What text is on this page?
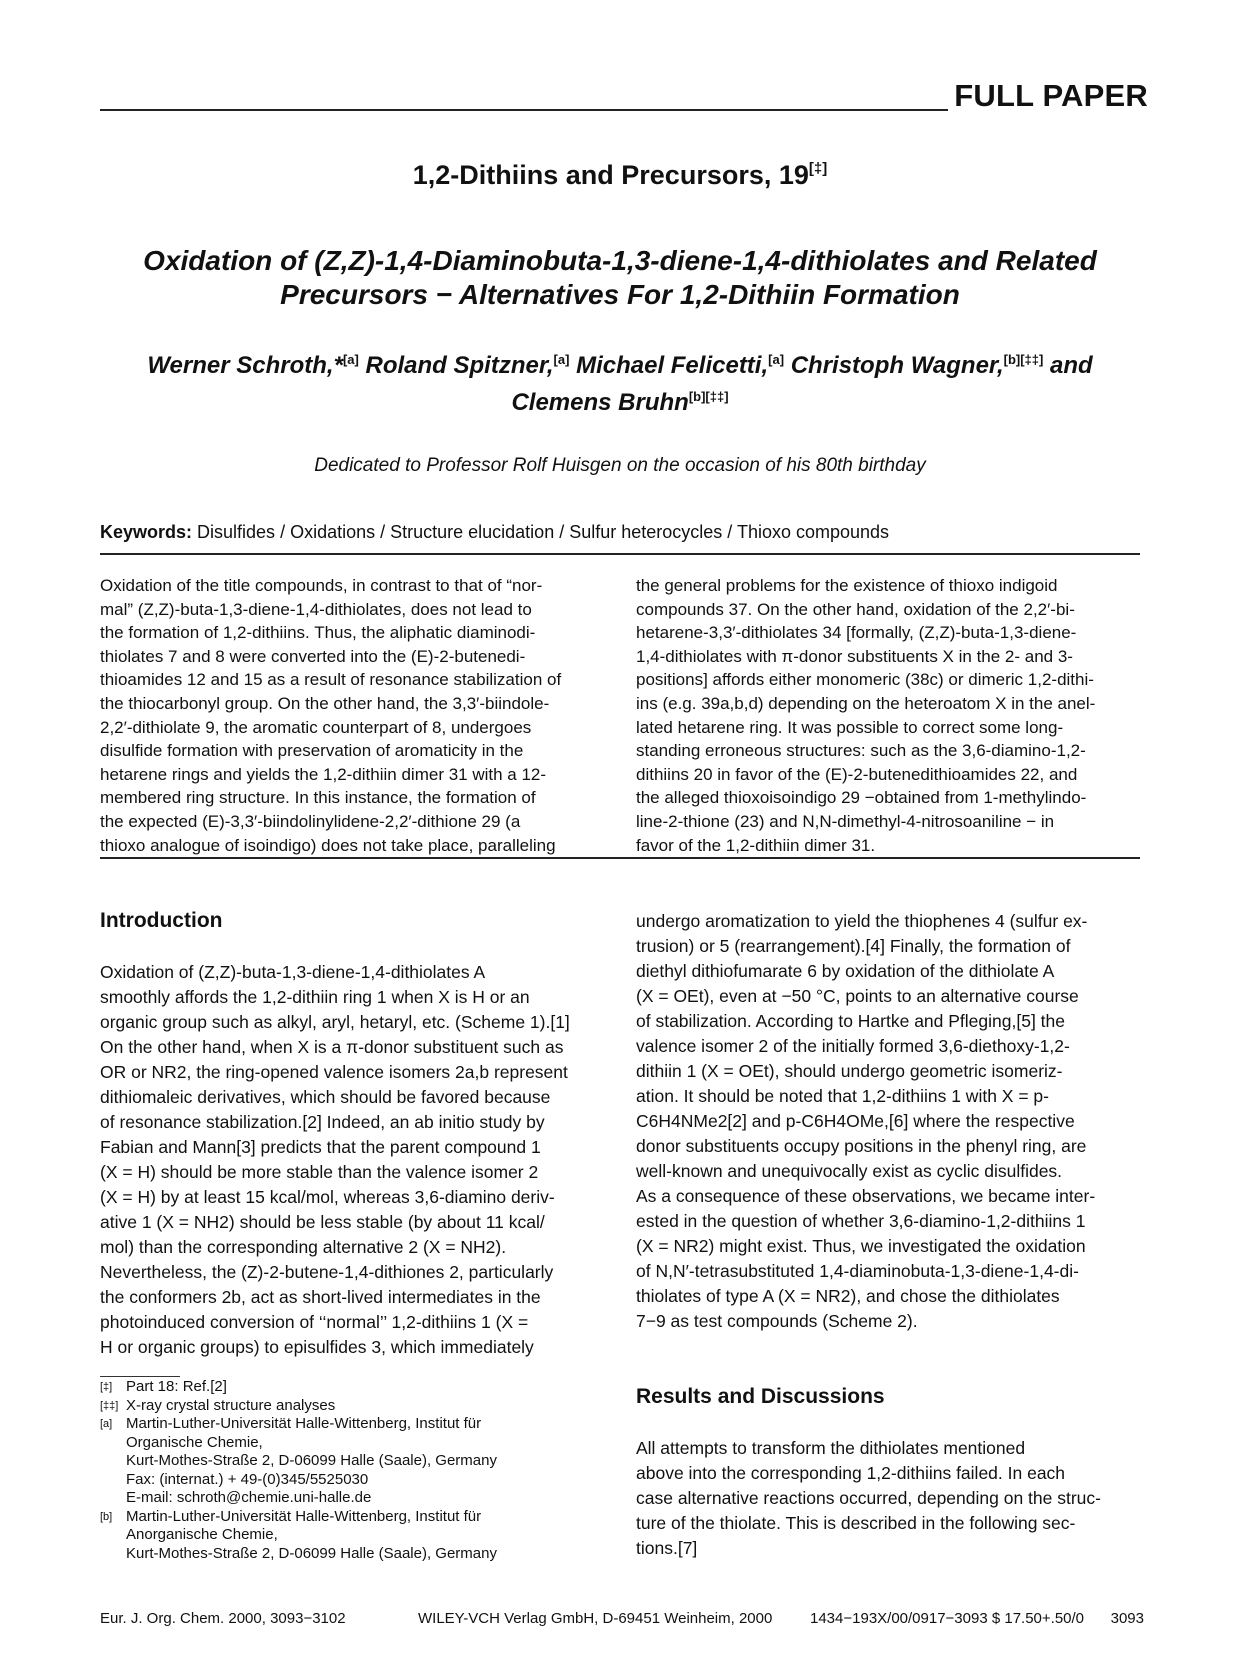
FULL PAPER
1,2-Dithiins and Precursors, 19[‡]
Oxidation of (Z,Z)-1,4-Diaminobuta-1,3-diene-1,4-dithiolates and Related
Precursors − Alternatives For 1,2-Dithiin Formation
Werner Schroth,*[a] Roland Spitzner,[a] Michael Felicetti,[a] Christoph Wagner,[b][‡‡] and
Clemens Bruhn[b][‡‡]
Dedicated to Professor Rolf Huisgen on the occasion of his 80th birthday
Keywords: Disulfides / Oxidations / Structure elucidation / Sulfur heterocycles / Thioxo compounds
Oxidation of the title compounds, in contrast to that of “nor-
mal” (Z,Z)-buta-1,3-diene-1,4-dithiolates, does not lead to
the formation of 1,2-dithiins. Thus, the aliphatic diaminodi-
thiolates 7 and 8 were converted into the (E)-2-butenedi-
thioamides 12 and 15 as a result of resonance stabilization of
the thiocarbonyl group. On the other hand, the 3,3′-biindole-
2,2′-dithiolate 9, the aromatic counterpart of 8, undergoes
disulfide formation with preservation of aromaticity in the
hetarene rings and yields the 1,2-dithiin dimer 31 with a 12-
membered ring structure. In this instance, the formation of
the expected (E)-3,3′-biindolinylidene-2,2′-dithione 29 (a
thioxo analogue of isoindigo) does not take place, paralleling
the general problems for the existence of thioxo indigoid
compounds 37. On the other hand, oxidation of the 2,2′-bi-
hetarene-3,3′-dithiolates 34 [formally, (Z,Z)-buta-1,3-diene-
1,4-dithiolates with π-donor substituents X in the 2- and 3-
positions] affords either monomeric (38c) or dimeric 1,2-dithi-
ins (e.g. 39a,b,d) depending on the heteroatom X in the anel-
lated hetarene ring. It was possible to correct some long-
standing erroneous structures: such as the 3,6-diamino-1,2-
dithiins 20 in favor of the (E)-2-butenedithioamides 22, and
the alleged thioxoisoindigo 29 −obtained from 1-methylindo-
line-2-thione (23) and N,N-dimethyl-4-nitrosoaniline − in
favor of the 1,2-dithiin dimer 31.
Introduction
Oxidation of (Z,Z)-buta-1,3-diene-1,4-dithiolates A
smoothly affords the 1,2-dithiin ring 1 when X is H or an
organic group such as alkyl, aryl, hetaryl, etc. (Scheme 1).[1]
On the other hand, when X is a π-donor substituent such as
OR or NR2, the ring-opened valence isomers 2a,b represent
dithiomaleic derivatives, which should be favored because
of resonance stabilization.[2] Indeed, an ab initio study by
Fabian and Mann[3] predicts that the parent compound 1
(X = H) should be more stable than the valence isomer 2
(X = H) by at least 15 kcal/mol, whereas 3,6-diamino deriv-
ative 1 (X = NH2) should be less stable (by about 11 kcal/
mol) than the corresponding alternative 2 (X = NH2).
Nevertheless, the (Z)-2-butene-1,4-dithiones 2, particularly
the conformers 2b, act as short-lived intermediates in the
photoinduced conversion of ‘‘normal’’ 1,2-dithiins 1 (X =
H or organic groups) to episulfides 3, which immediately
undergo aromatization to yield the thiophenes 4 (sulfur ex-
trusion) or 5 (rearrangement).[4] Finally, the formation of
diethyl dithiofumarate 6 by oxidation of the dithiolate A
(X = OEt), even at −50 °C, points to an alternative course
of stabilization. According to Hartke and Pfleging,[5] the
valence isomer 2 of the initially formed 3,6-diethoxy-1,2-
dithiin 1 (X = OEt), should undergo geometric isomeriz-
ation. It should be noted that 1,2-dithiins 1 with X = p-
C6H4NMe2[2] and p-C6H4OMe,[6] where the respective
donor substituents occupy positions in the phenyl ring, are
well-known and unequivocally exist as cyclic disulfides.
As a consequence of these observations, we became inter-
ested in the question of whether 3,6-diamino-1,2-dithiins 1
(X = NR2) might exist. Thus, we investigated the oxidation
of N,N′-tetrasubstituted 1,4-diaminobuta-1,3-diene-1,4-di-
thiolates of type A (X = NR2), and chose the dithiolates
7−9 as test compounds (Scheme 2).
Results and Discussions
All attempts to transform the dithiolates mentioned
above into the corresponding 1,2-dithiins failed. In each
case alternative reactions occurred, depending on the struc-
ture of the thiolate. This is described in the following sec-
tions.[7]
[‡] Part 18: Ref.[2]
[‡‡] X-ray crystal structure analyses
[a] Martin-Luther-Universität Halle-Wittenberg, Institut für
Organische Chemie,
Kurt-Mothes-Straße 2, D-06099 Halle (Saale), Germany
Fax: (internat.) + 49-(0)345/5525030
E-mail: schroth@chemie.uni-halle.de
[b] Martin-Luther-Universität Halle-Wittenberg, Institut für
Anorganische Chemie,
Kurt-Mothes-Straße 2, D-06099 Halle (Saale), Germany
Eur. J. Org. Chem. 2000, 3093−3102	WILEY-VCH Verlag GmbH, D-69451 Weinheim, 2000	1434−193X/00/0917−3093 $ 17.50+.50/0 3093
